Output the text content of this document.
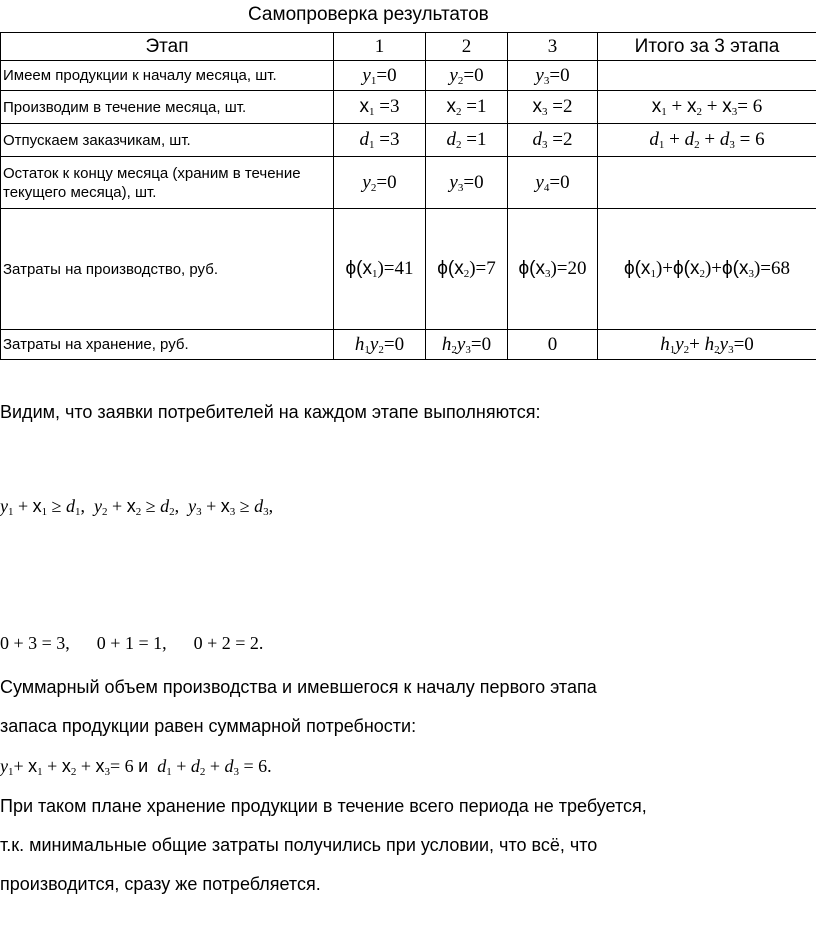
Самопроверка результатов
Этап	1	2	3	Итого за 3 этапа
Имеем продукции к началу месяца, шт.	$y_1=0$	$y_2=0$	$y_3=0$	
Производим в течение месяца, шт.	$x_1 =3$	$x_2 =1$	$x_3 =2$	$x_1 + x_2 + x_3= 6$
Отпускаем заказчикам, шт.	$d_1 =3$	$d_2 =1$	$d_3 =2$	$d_1 + d_2 + d_3 = 6$
Остаток к концу месяца (храним в течение текущего месяца), шт.	$y_2=0$	$y_3=0$	$y_4=0$	
Затраты на производство, руб.	$\phi(x_1)=41$	$\phi(x_2)=7$	$\phi(x_3)=20$	$\phi(x_1)+\phi(x_2)+\phi(x_3)=68$
Затраты на хранение, руб.	$h_1y_2=0$	$h_2y_3=0$	0	$h_1y_2+ h_2y_3=0$
Видим, что заявки потребителей на каждом этапе выполняются:
$y_1 + x_1 \ge d_1$,  $y_2 + x_2 \ge d_2$,  $y_3 + x_3 \ge d_3$,
0 + 3 = 3,      0 + 1 = 1,      0 + 2 = 2.
Суммарный объем производства и имевшегося к началу первого этапа
запаса продукции равен суммарной потребности:
$y_1+ x_1 + x_2 + x_3= 6$ и $d_1 + d_2 + d_3 = 6$.
При таком плане хранение продукции в течение всего периода не требуется,
т.к. минимальные общие затраты получились при условии, что всё, что
производится, сразу же потребляется.
